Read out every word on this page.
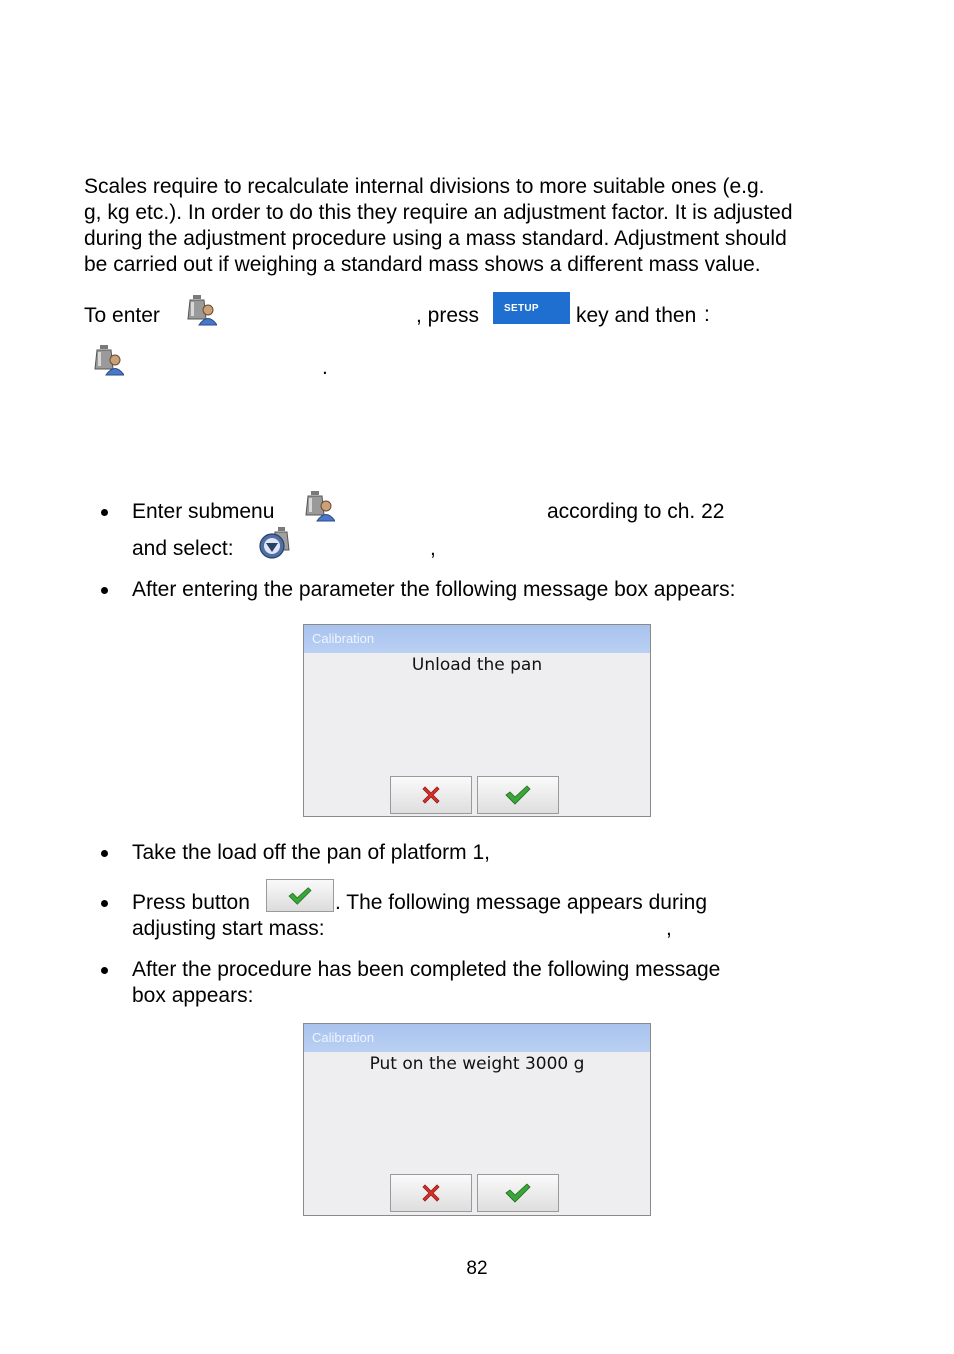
Scales require to recalculate internal divisions to more suitable ones (e.g.
g, kg etc.). In order to do this they require an adjustment factor. It is adjusted
during the adjustment procedure using a mass standard. Adjustment should
be carried out if weighing a standard mass shows a different mass value.
To enter	, press	SETUP	key and then :
.
Enter submenu	according to ch. 22
and select:	,
After entering the parameter the following message box appears:
Calibration
Unload the pan
Take the load off the pan of platform 1,
Press button	. The following message appears during
adjusting start mass:	,
After the procedure has been completed the following message
box appears:
Calibration
Put on the weight 3000 g
82
